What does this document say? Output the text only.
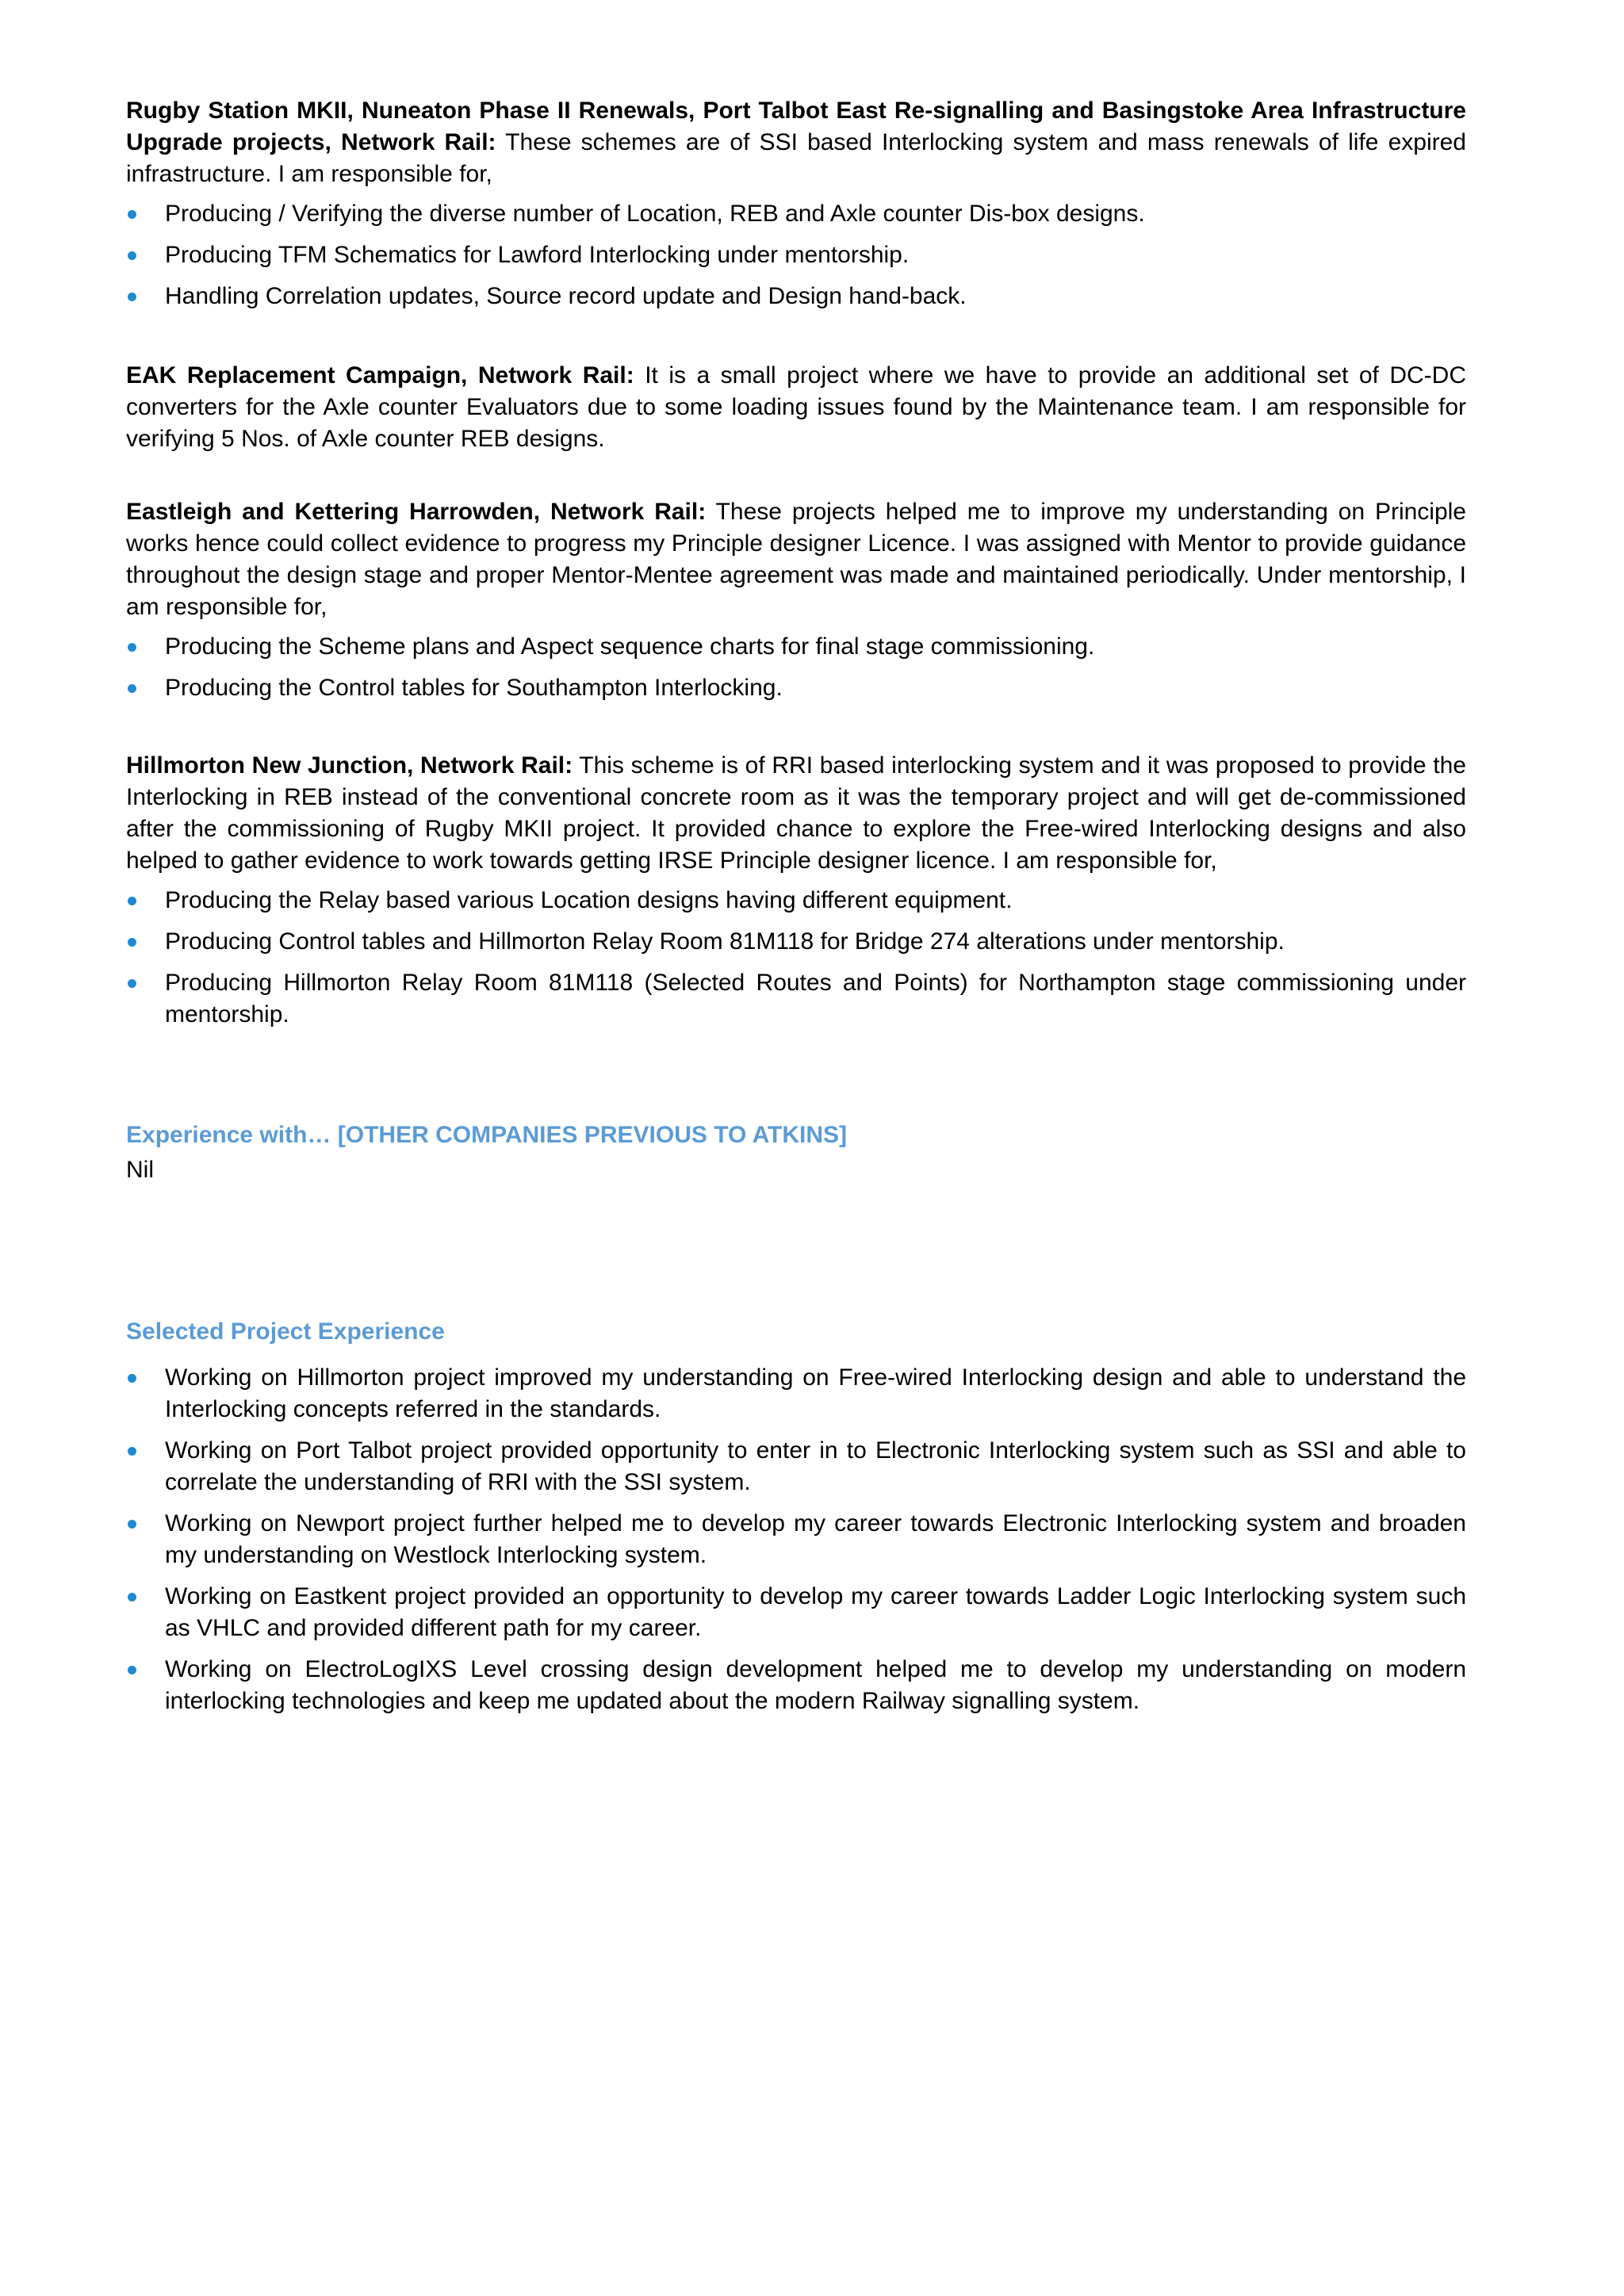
Rugby Station MKII, Nuneaton Phase II Renewals, Port Talbot East Re-signalling and Basingstoke Area Infrastructure Upgrade projects, Network Rail: These schemes are of SSI based Interlocking system and mass renewals of life expired infrastructure. I am responsible for,

Producing / Verifying the diverse number of Location, REB and Axle counter Dis-box designs.
Producing TFM Schematics for Lawford Interlocking under mentorship.
Handling Correlation updates, Source record update and Design hand-back.

EAK Replacement Campaign, Network Rail: It is a small project where we have to provide an additional set of DC-DC converters for the Axle counter Evaluators due to some loading issues found by the Maintenance team. I am responsible for verifying 5 Nos. of Axle counter REB designs.

Eastleigh and Kettering Harrowden, Network Rail: These projects helped me to improve my understanding on Principle works hence could collect evidence to progress my Principle designer Licence. I was assigned with Mentor to provide guidance throughout the design stage and proper Mentor-Mentee agreement was made and maintained periodically. Under mentorship, I am responsible for,

Producing the Scheme plans and Aspect sequence charts for final stage commissioning.
Producing the Control tables for Southampton Interlocking.

Hillmorton New Junction, Network Rail: This scheme is of RRI based interlocking system and it was proposed to provide the Interlocking in REB instead of the conventional concrete room as it was the temporary project and will get de-commissioned after the commissioning of Rugby MKII project. It provided chance to explore the Free-wired Interlocking designs and also helped to gather evidence to work towards getting IRSE Principle designer licence. I am responsible for,

Producing the Relay based various Location designs having different equipment.
Producing Control tables and Hillmorton Relay Room 81M118 for Bridge 274 alterations under mentorship.
Producing Hillmorton Relay Room 81M118 (Selected Routes and Points) for Northampton stage commissioning under mentorship.
Experience with… [OTHER COMPANIES PREVIOUS TO ATKINS]

Nil

Selected Project Experience
Working on Hillmorton project improved my understanding on Free-wired Interlocking design and able to understand the Interlocking concepts referred in the standards.
Working on Port Talbot project provided opportunity to enter in to Electronic Interlocking system such as SSI and able to correlate the understanding of RRI with the SSI system.
Working on Newport project further helped me to develop my career towards Electronic Interlocking system and broaden my understanding on Westlock Interlocking system.
Working on Eastkent project provided an opportunity to develop my career towards Ladder Logic Interlocking system such as VHLC and provided different path for my career.
Working on ElectroLogIXS Level crossing design development helped me to develop my understanding on modern interlocking technologies and keep me updated about the modern Railway signalling system.
